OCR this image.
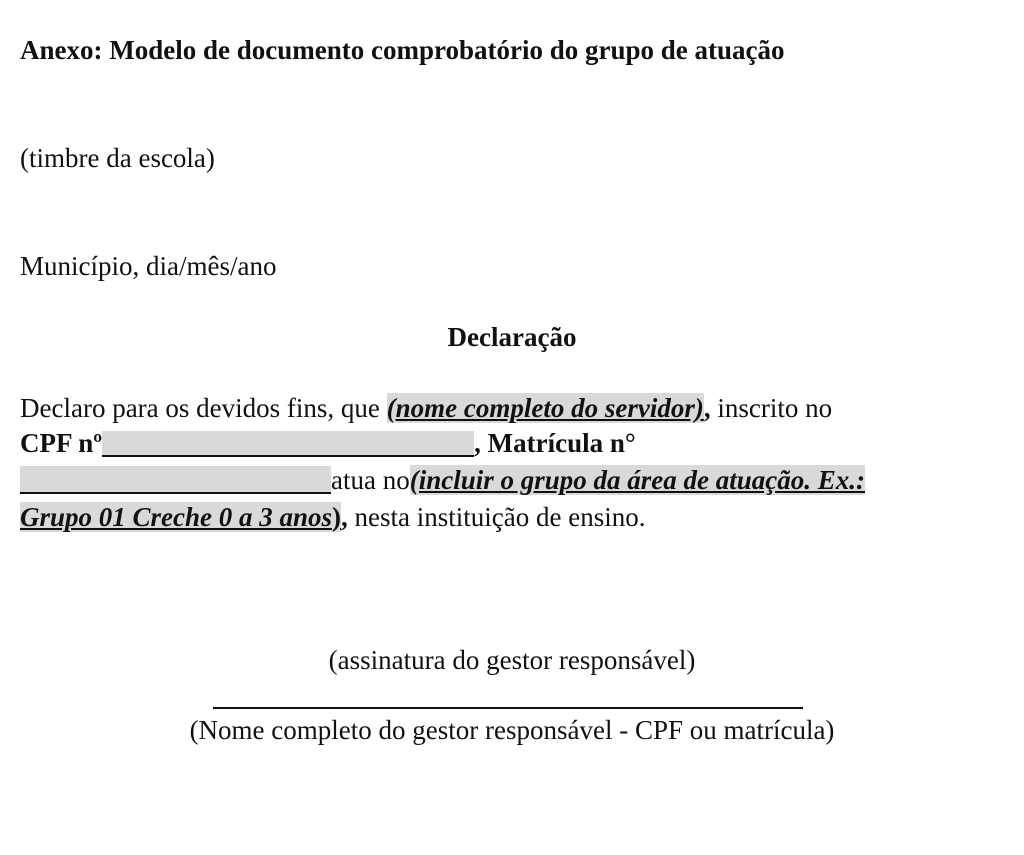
Anexo: Modelo de documento comprobatório do grupo de atuação
(timbre da escola)
Município, dia/mês/ano
Declaração
Declaro para os devidos fins, que (nome completo do servidor), inscrito no
CPF nº	, Matrícula n°
atua no(incluir o grupo da área de atuação. Ex.:
Grupo 01 Creche 0 a 3 anos), nesta instituição de ensino.
(assinatura do gestor responsável)
(Nome completo do gestor responsável - CPF ou matrícula)
